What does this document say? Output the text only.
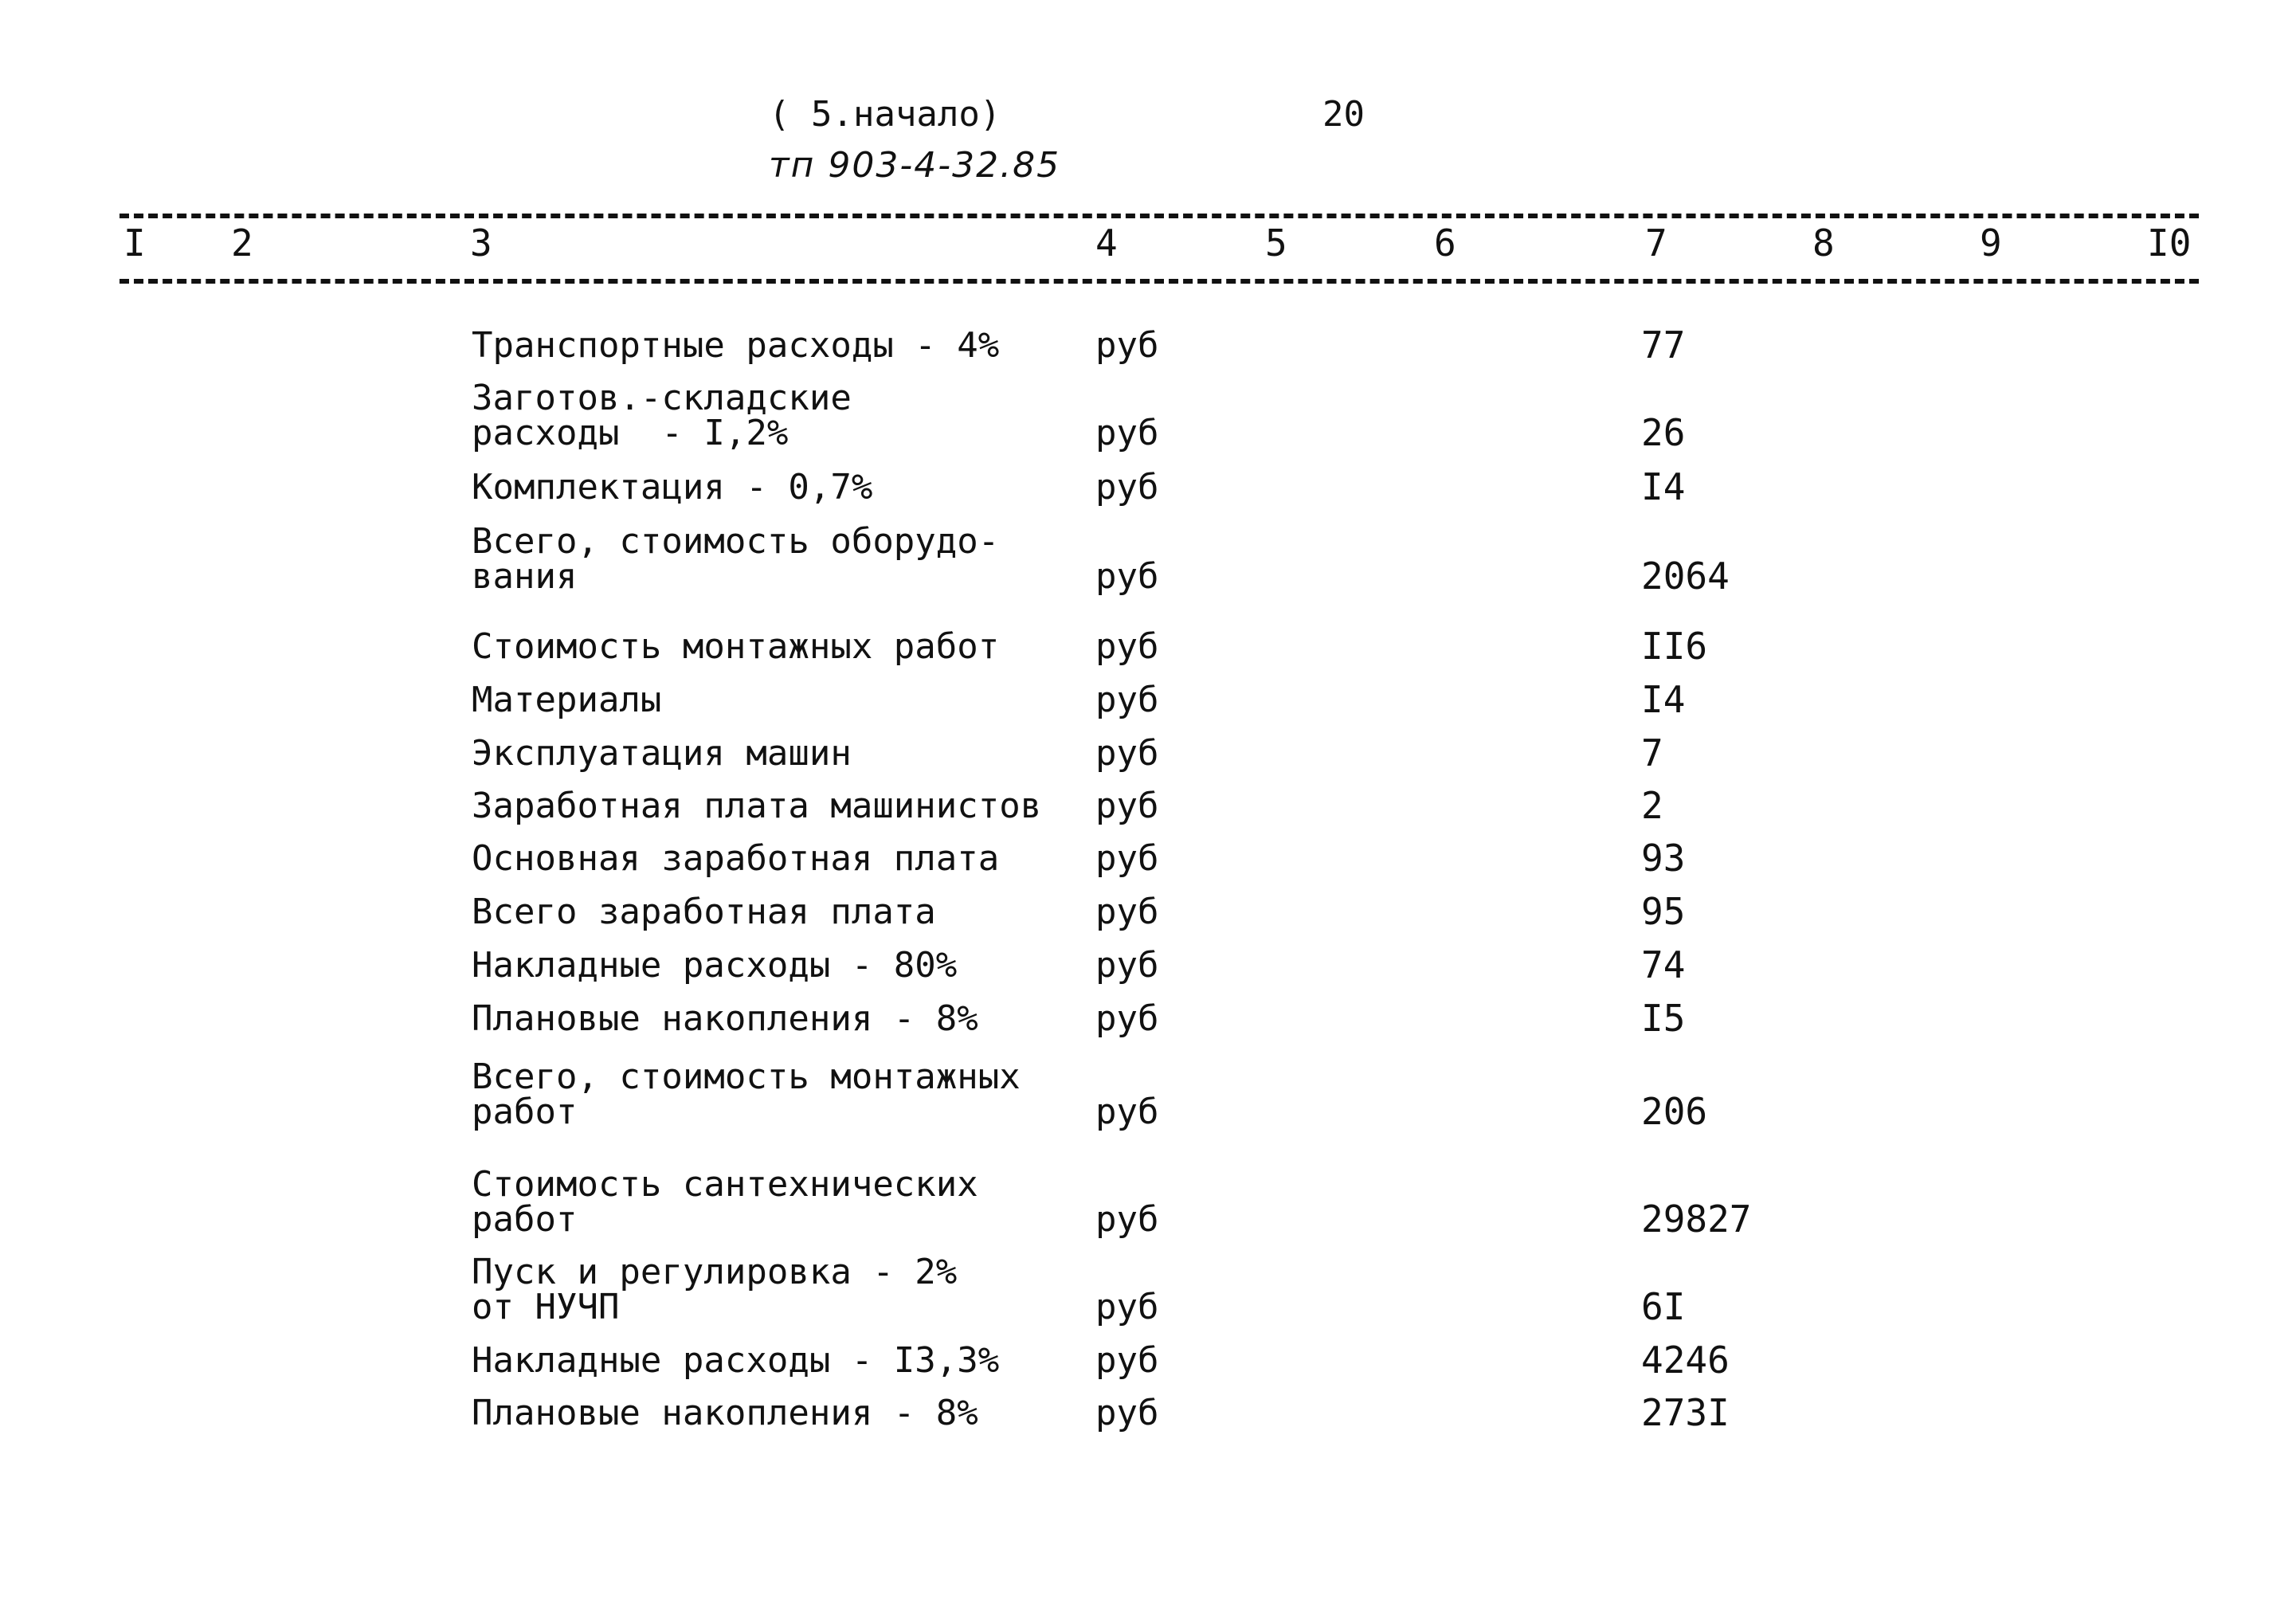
( 5.начало)	20
тп 903-4-32.85
I 2	3	4	5	6	7	8	9	I0
Транспортные расходы - 4%	руб	77
Заготов.-складские
расходы  - I,2%	руб	26
Комплектация - 0,7%	руб	I4
Всего, стоимость оборудо-
вания	руб	2064
Стоимость монтажных работ	руб	II6
Материалы	руб	I4
Эксплуатация машин	руб	7
Заработная плата машинистов	руб	2
Основная заработная плата	руб	93
Всего заработная плата	руб	95
Накладные расходы - 80%	руб	74
Плановые накопления - 8%	руб	I5
Всего, стоимость монтажных
работ	руб	206
Стоимость сантехнических
работ	руб	29827
Пуск и регулировка - 2%
от НУЧП	руб	6I
Накладные расходы - I3,3%	руб	4246
Плановые накопления - 8%	руб	273I
